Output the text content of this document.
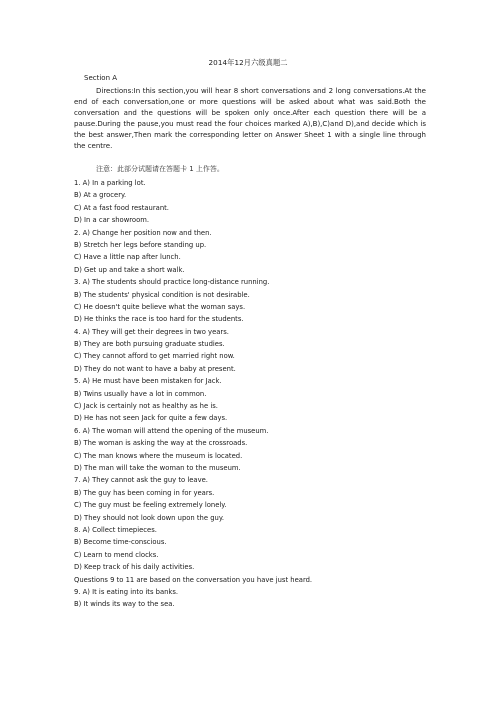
2014年12月六级真题二
Section A
Directions:In this section,you will hear 8 short conversations and 2 long conversations.At the end of each conversation,one or more questions will be asked about what was said.Both the conversation and the questions will be spoken only once.After each question there will be a pause.During the pause,you must read the four choices marked A),B),C)and D),and decide which is the best answer,Then mark the corresponding letter on Answer Sheet 1 with a single line through the centre.
注意：此部分试题请在答题卡 1 上作答。
1. A) In a parking lot.
B) At a grocery.
C) At a fast food restaurant.
D) In a car showroom.
2. A) Change her position now and then.
B) Stretch her legs before standing up.
C) Have a little nap after lunch.
D) Get up and take a short walk.
3. A) The students should practice long-distance running.
B) The students' physical condition is not desirable.
C) He doesn't quite believe what the woman says.
D) He thinks the race is too hard for the students.
4. A) They will get their degrees in two years.
B) They are both pursuing graduate studies.
C) They cannot afford to get married right now.
D) They do not want to have a baby at present.
5. A) He must have been mistaken for Jack.
B) Twins usually have a lot in common.
C) Jack is certainly not as healthy as he is.
D) He has not seen Jack for quite a few days.
6. A) The woman will attend the opening of the museum.
B) The woman is asking the way at the crossroads.
C) The man knows where the museum is located.
D) The man will take the woman to the museum.
7. A) They cannot ask the guy to leave.
B) The guy has been coming in for years.
C) The guy must be feeling extremely lonely.
D) They should not look down upon the guy.
8. A) Collect timepieces.
B) Become time-conscious.
C) Learn to mend clocks.
D) Keep track of his daily activities.
Questions 9 to 11 are based on the conversation you have just heard.
9. A) It is eating into its banks.
B) It winds its way to the sea.
